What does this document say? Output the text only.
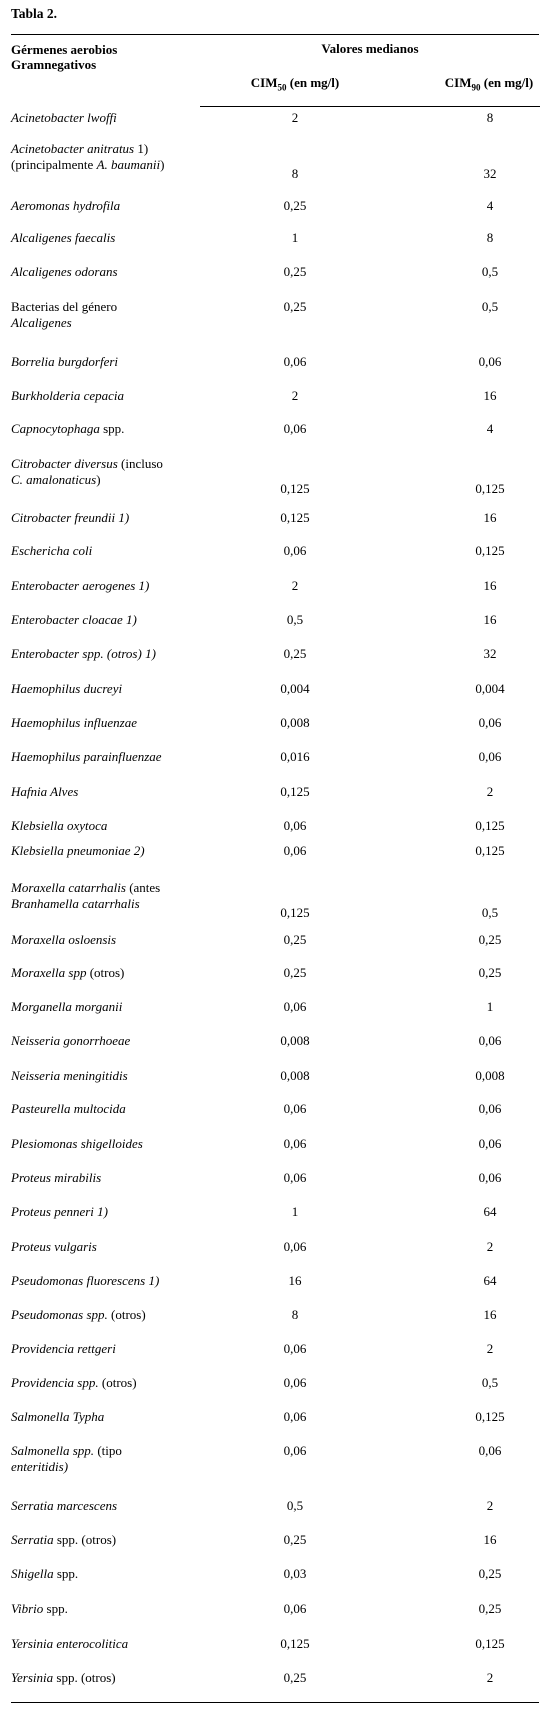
Tabla 2.
Gérmenes aerobios
Gramnegativos
Valores medianos
$CIM_{50}$ (en mg/l)	$CIM_{90}$ (en mg/l)
Acinetobacter lwoffi	2	8
Acinetobacter anitratus 1)
(principalmente A. baumanii)
8	32
Aeromonas hydrofila	0,25	4
Alcaligenes faecalis	1	8
Alcaligenes odorans	0,25	0,5
Bacterias del género
Alcaligenes
0,25	0,5
Borrelia burgdorferi	0,06	0,06
Burkholderia cepacia	2	16
Capnocytophaga spp.	0,06	4
Citrobacter diversus (incluso
C. amalonaticus)
0,125	0,125
Citrobacter freundii 1)	0,125	16
Eschericha coli	0,06	0,125
Enterobacter aerogenes 1)	2	16
Enterobacter cloacae 1)	0,5	16
Enterobacter spp. (otros) 1)	0,25	32
Haemophilus ducreyi	0,004	0,004
Haemophilus influenzae	0,008	0,06
Haemophilus parainfluenzae	0,016	0,06
Hafnia Alves	0,125	2
Klebsiella oxytoca	0,06	0,125
Klebsiella pneumoniae 2)	0,06	0,125
Moraxella catarrhalis (antes
Branhamella catarrhalis
0,125	0,5
Moraxella osloensis	0,25	0,25
Moraxella spp (otros)	0,25	0,25
Morganella morganii	0,06	1
Neisseria gonorrhoeae	0,008	0,06
Neisseria meningitidis	0,008	0,008
Pasteurella multocida	0,06	0,06
Plesiomonas shigelloides	0,06	0,06
Proteus mirabilis	0,06	0,06
Proteus penneri 1)	1	64
Proteus vulgaris	0,06	2
Pseudomonas fluorescens 1)	16	64
Pseudomonas spp. (otros)	8	16
Providencia rettgeri	0,06	2
Providencia spp. (otros)	0,06	0,5
Salmonella Typha	0,06	0,125
Salmonella spp. (tipo
enteritidis)
0,06	0,06
Serratia marcescens	0,5	2
Serratia spp. (otros)	0,25	16
Shigella spp.	0,03	0,25
Vibrio spp.	0,06	0,25
Yersinia enterocolitica	0,125	0,125
Yersinia spp. (otros)	0,25	2
